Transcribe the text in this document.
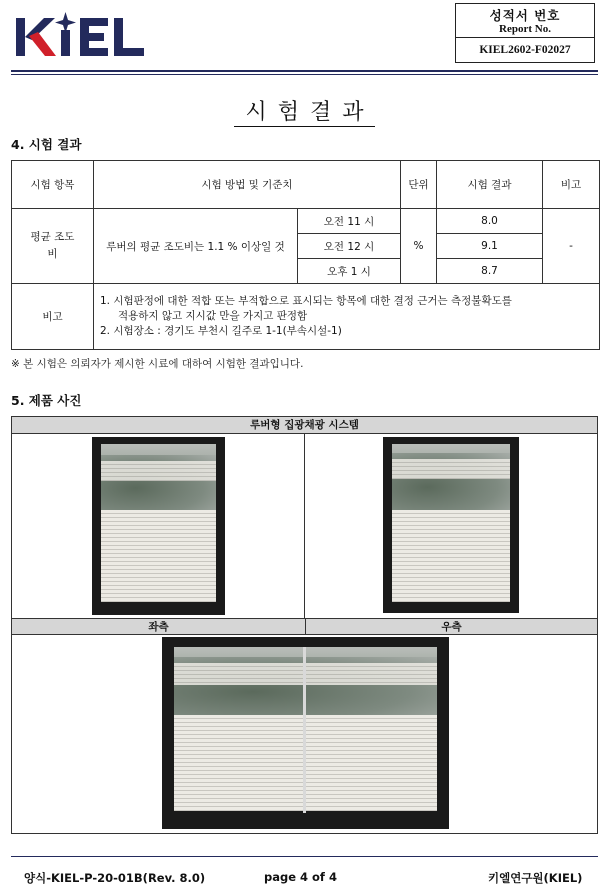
성적서 번호
Report No.
KIEL2602-F02027
시험결과
4. 시험 결과
시험 항목	시험 방법 및 기준치		단위	시험 결과	비고
평균 조도비	루버의 평균 조도비는 1.1 % 이상일 것	오전 11 시	%	8.0	-
		오전 12 시		9.1	
		오후 1 시		8.7	
비고	1. 시험판정에 대한 적합 또는 부적합으로 표시되는 항목에 대한 결정 근거는 측정불확도를
적용하지 않고 지시값 만을 가지고 판정함
2. 시험장소 : 경기도 부천시 길주로 1-1(부속시설-1)				
※ 본 시험은 의뢰자가 제시한 시료에 대하여 시험한 결과입니다.
5. 제품 사진
루버형 집광채광 시스템
좌측	우측
양식-KIEL-P-20-01B(Rev. 8.0)	page 4 of 4	키엘연구원(KIEL)
